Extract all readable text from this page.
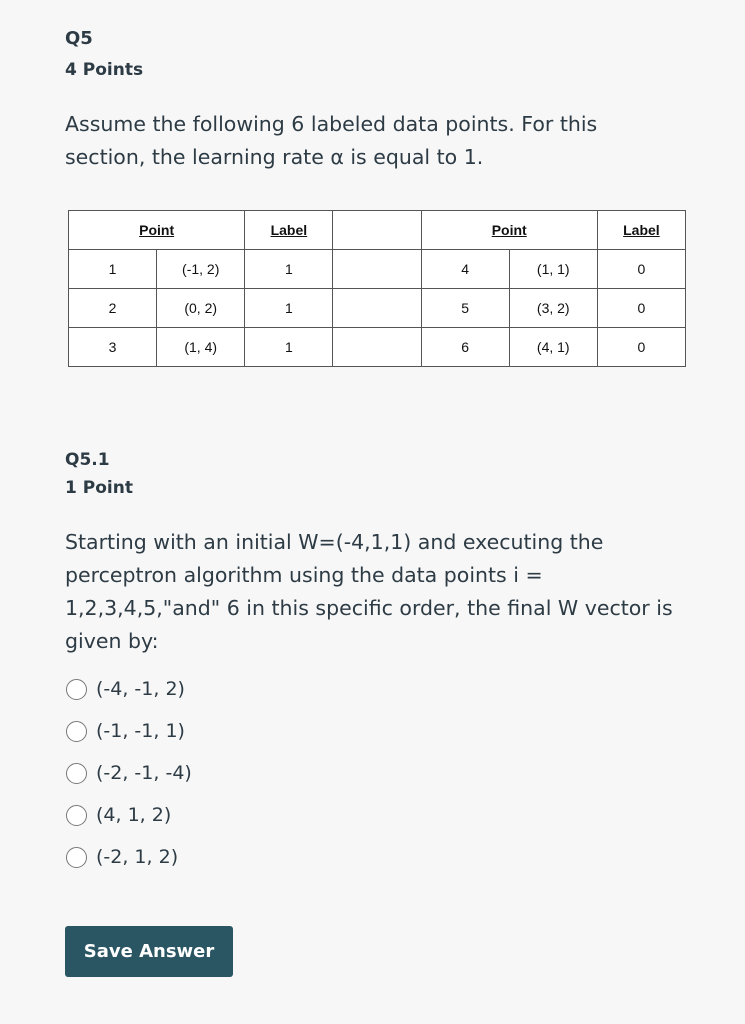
Q5
4 Points
Assume the following 6 labeled data points. For this section, the learning rate α is equal to 1.
Point		Label		Point		Label
1	(-1, 2)	1		4	(1, 1)	0
2	(0, 2)	1		5	(3, 2)	0
3	(1, 4)	1		6	(4, 1)	0
Q5.1
1 Point
Starting with an initial W=(-4,1,1) and executing the perceptron algorithm using the data points i = 1,2,3,4,5,"and" 6 in this specific order, the final W vector is given by:
(-4, -1, 2)
(-1, -1, 1)
(-2, -1, -4)
(4, 1, 2)
(-2, 1, 2)
Save Answer
